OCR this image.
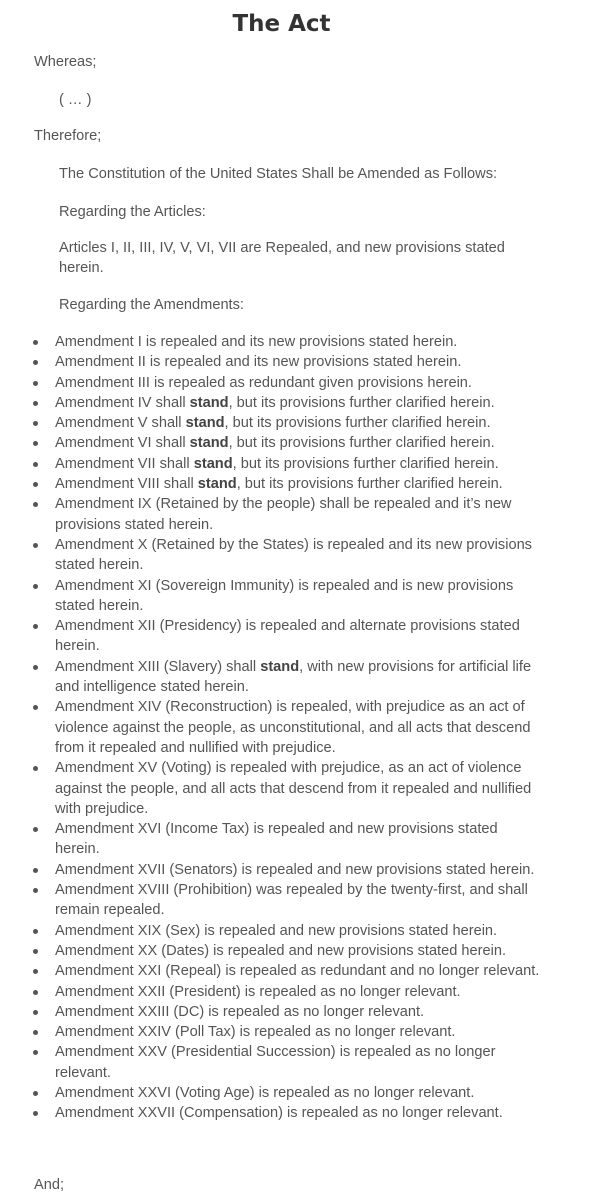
The Act
Whereas;
( … )
Therefore;
The Constitution of the United States Shall be Amended as Follows:
Regarding the Articles:
Articles I, II, III, IV, V, VI, VII are Repealed, and new provisions stated herein.
Regarding the Amendments:
Amendment I is repealed and its new provisions stated herein.
Amendment II is repealed and its new provisions stated herein.
Amendment III is repealed as redundant given provisions herein.
Amendment IV shall stand, but its provisions further clarified herein.
Amendment V shall stand, but its provisions further clarified herein.
Amendment VI shall stand, but its provisions further clarified herein.
Amendment VII shall stand, but its provisions further clarified herein.
Amendment VIII shall stand, but its provisions further clarified herein.
Amendment IX (Retained by the people) shall be repealed and it’s new provisions stated herein.
Amendment X (Retained by the States) is repealed and its new provisions stated herein.
Amendment XI (Sovereign Immunity) is repealed and is new provisions stated herein.
Amendment XII (Presidency) is repealed and alternate provisions stated herein.
Amendment XIII (Slavery) shall stand, with new provisions for artificial life and intelligence stated herein.
Amendment XIV (Reconstruction) is repealed, with prejudice as an act of violence against the people, as unconstitutional, and all acts that descend from it repealed and nullified with prejudice.
Amendment XV (Voting) is repealed with prejudice, as an act of violence against the people, and all acts that descend from it repealed and nullified with prejudice.
Amendment XVI (Income Tax) is repealed and new provisions stated herein.
Amendment XVII (Senators) is repealed and new provisions stated herein.
Amendment XVIII (Prohibition) was repealed by the twenty-first, and shall remain repealed.
Amendment XIX (Sex) is repealed and new provisions stated herein.
Amendment XX (Dates) is repealed and new provisions stated herein.
Amendment XXI (Repeal) is repealed as redundant and no longer relevant.
Amendment XXII (President) is repealed as no longer relevant.
Amendment XXIII (DC) is repealed as no longer relevant.
Amendment XXIV (Poll Tax) is repealed as no longer relevant.
Amendment XXV (Presidential Succession) is repealed as no longer relevant.
Amendment XXVI (Voting Age) is repealed as no longer relevant.
Amendment XXVII (Compensation) is repealed as no longer relevant.
And;
